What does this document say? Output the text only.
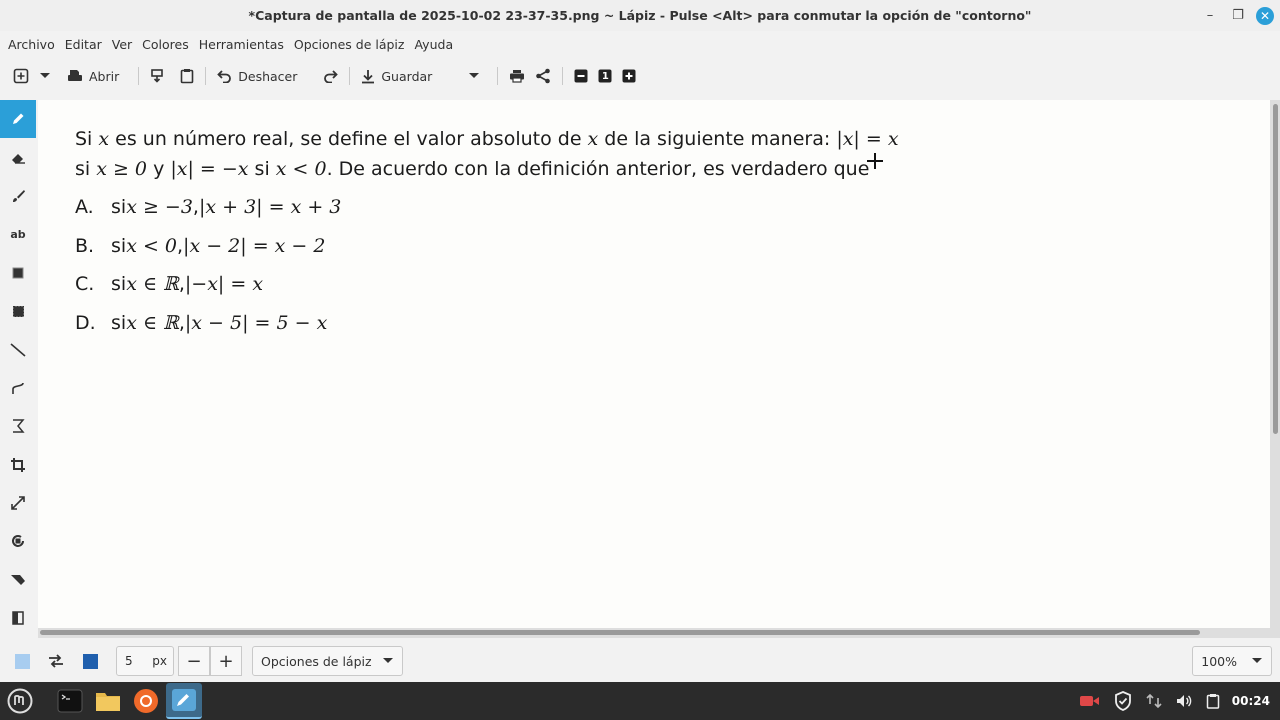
*Captura de pantalla de 2025-10-02 23-37-35.png ~ Lápiz - Pulse <Alt> para conmutar la opción de "contorno"	–	❐	✕
Archivo Editar Ver Colores Herramientas Opciones de lápiz Ayuda
Abrir	Deshacer	Guardar	1
ab
Si x es un número real, se define el valor absoluto de x de la siguiente manera: |x| = x
si x ≥ 0 y |x| = −x si x < 0. De acuerdo con la definición anterior, es verdadero que
A. si x ≥ −3 , |x + 3| = x + 3
B. si x < 0 , |x − 2| = x − 2
C. si x ∈ ℝ , |−x| = x
D. si x ∈ ℝ , |x − 5| = 5 − x
5 px	− +	Opciones de lápiz	100%
00:24
